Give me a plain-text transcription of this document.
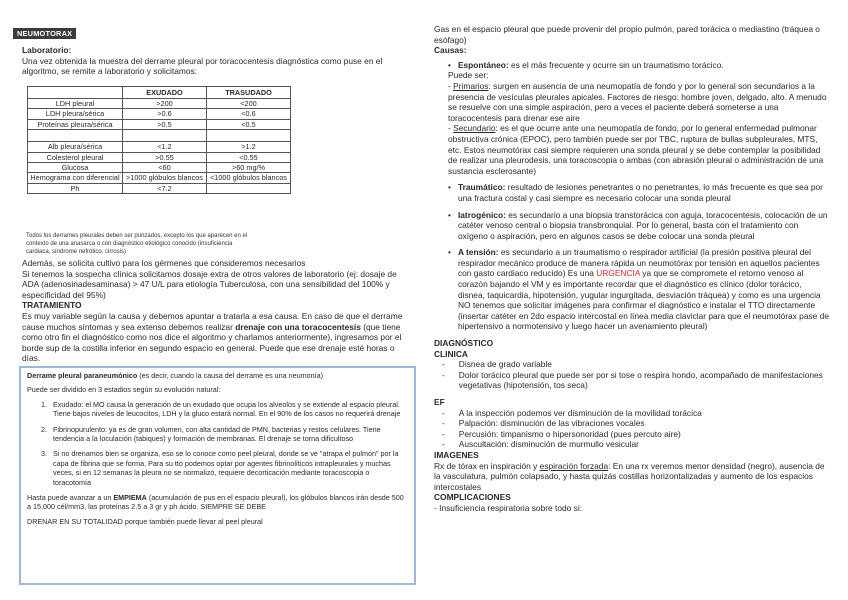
NEUMOTORAX

Laboratorio:

Una vez obtenida la muestra del derrame pleural por toracocentesis diagnóstica como puse en el algoritmo, se remite a laboratorio y solicitamos:

	EXUDADO	TRASUDADO
LDH pleural	>200	<200
LDH pleura/sérica	>0.6	<0.6
Proteínas pleura/sérica	>0.5	<0.5

Alb pleura/sérica	<1.2	>1.2
Colesterol pleural	>0.55	<0.55
Glucosa	<60	>60 mg/%
Hemograma con diferencial	>1000 glóbulos blancos	<1000 glóbulos blancos
Ph	<7.2	
Todos los derrames pleurales deben ser punzados, excepto los que aparecen en el contexto de una anasarca o con diagnóstico etiológico conocido (insuficiencia cardiaca, síndrome nefrótico, cirrosis)

Además, se solicita cultivo para los gérmenes que consideremos necesarios

Si tenemos la sospecha clínica solicitamos dosaje extra de otros valores de laboratorio (ej: dosaje de ADA (adenosinadesaminasa) > 47 U/L para etiología Tuberculosa, con una sensibilidad del 100% y especificidad del 95%)

TRATAMIENTO

Es muy variable según la causa y debemos apuntar a tratarla a esa causa. En caso de que el derrame cause muchos síntomas y sea extenso debemos realizar drenaje con una toracocentesis (que tiene como otro fin el diagnóstico como nos dice el algoritmo y charlamos anteriormente), ingresamos por el borde sup de la costilla inferior en segundo espacio en general. Puede que ese drenaje esté horas o días.

Derrame pleural paraneumónico (es decir, cuando la causa del derrame es una neumonía)

Puede ser dividido en 3 estadios según su evolución natural:

1. Exudado: el MO causa la generación de un exudado que ocupa los alveolos y se extiende al espacio pleural. Tiene bajos niveles de leucocitos, LDH y la gluco estará normal. En el 90% de los casos no requerirá drenaje
2. Fibrinopurulento: ya es de gran volumen, con alta cantidad de PMN, bacterias y restos celulares. Tiene tendencia a la loculación (tabiques) y formación de membranas. El drenaje se torna dificultoso
3. Si no drenamos bien se organiza, eso se lo conoce como peel pleural, donde se ve "atrapa el pulmón" por la capa de fibrina que se forma. Para su tto podemos optar por agentes fibrinolíticos intrapleurales y muchas veces, si en 12 semanas la pleura no se normalizó, requiere decorticación mediante toracoscopia o toracotomía

Hasta puede avanzar a un EMPIEMA (acumulación de pus en el espacio pleural), los glóbulos blancos irán desde 500 a 15.000 cél/mm3, las proteínas 2.5 a 3 gr y ph ácido. SIEMPRE SE DEBE

DRENAR EN SU TOTALIDAD porque también puede llevar al peel pleural

Gas en el espacio pleural que puede provenir del propio pulmón, pared torácica o mediastino (tráquea o esófago)

Causas:

• Espontáneo: es el más frecuente y ocurre sin un traumatismo torácico.

Puede ser:

- Primarios: surgen en ausencia de una neumopatía de fondo y por lo general son secundarios a la presencia de vesículas pleurales apicales. Factores de riesgo: hombre joven, delgado, alto. A menudo se resuelve con una simple aspiración, pero a veces el paciente deberá someterse a una toracocentesis para drenar ese aire

- Secundario: es el que ocurre ante una neumopatía de fondo, por lo general enfermedad pulmonar obstructiva crónica (EPOC), pero también puede ser por TBC, ruptura de bullas subpleurales, MTS, etc. Estos neumotórax casi siempre requieren una sonda pleural y se debe contemplar la posibilidad de realizar una pleurodesis, una toracoscopia o ambas (con abrasión pleural o administración de una sustancia esclerosante)

• Traumático: resultado de lesiones penetrantes o no penetrantes, lo más frecuente es que sea por una fractura costal y casi siempre es necesario colocar una sonda pleural
• Iatrogénico: es secundario a una biopsia transtorácica con aguja, toracocentesis, colocación de un catéter venoso central o biopsia transbronquial. Por lo general, basta con el tratamiento con oxígeno o aspiración, pero en algunos casos se debe colocar una sonda pleural
• A tensión: es secundario a un traumatismo o respirador artificial (la presión positiva pleural del respirador mecánico produce de manera rápida un neumotórax por tensión en aquellos pacientes con gasto cardiaco reducido) Es una URGENCIA ya que se compromete el retorno venoso al corazón bajando el VM y es importante recordar que el diagnóstico es clínico (dolor torácico, disnea, taquicardia, hipotensión, yugular ingurgitada, desviación tráquea) y como es una urgencia NO tenemos que solicitar imágenes para confirmar el diagnóstico e instalar el TTO directamente (insertar catéter en 2do espacio intercostal en línea media claviclar para que el neumotórax pase de hipertensivo a normotensivo y luego hacer un avenamiento pleural)

DIAGNÓSTICO

CLINICA

- Disnea de grado variable
- Dolor torácico pleural que puede ser por si tose o respira hondo, acompañado de manifestaciones vegetativas (hipotensión, tos seca)

EF

- A la inspección podemos ver disminución de la movilidad torácica
- Palpación: disminución de las vibraciones vocales
- Percusión: timpanismo o hipersonoridad (pues percuto aire)
- Auscultación: disminución de murmullo vesicular

IMAGENES

Rx de tórax en inspiración y espiración forzada: En una rx veremos menor densidad (negro), ausencia de la vasculatura, pulmón colapsado, y hasta quizás costillas horizontalizadas y aumento de los espacios intercostales

COMPLICACIONES

- Insuficiencia respiratoria sobre todo si:
